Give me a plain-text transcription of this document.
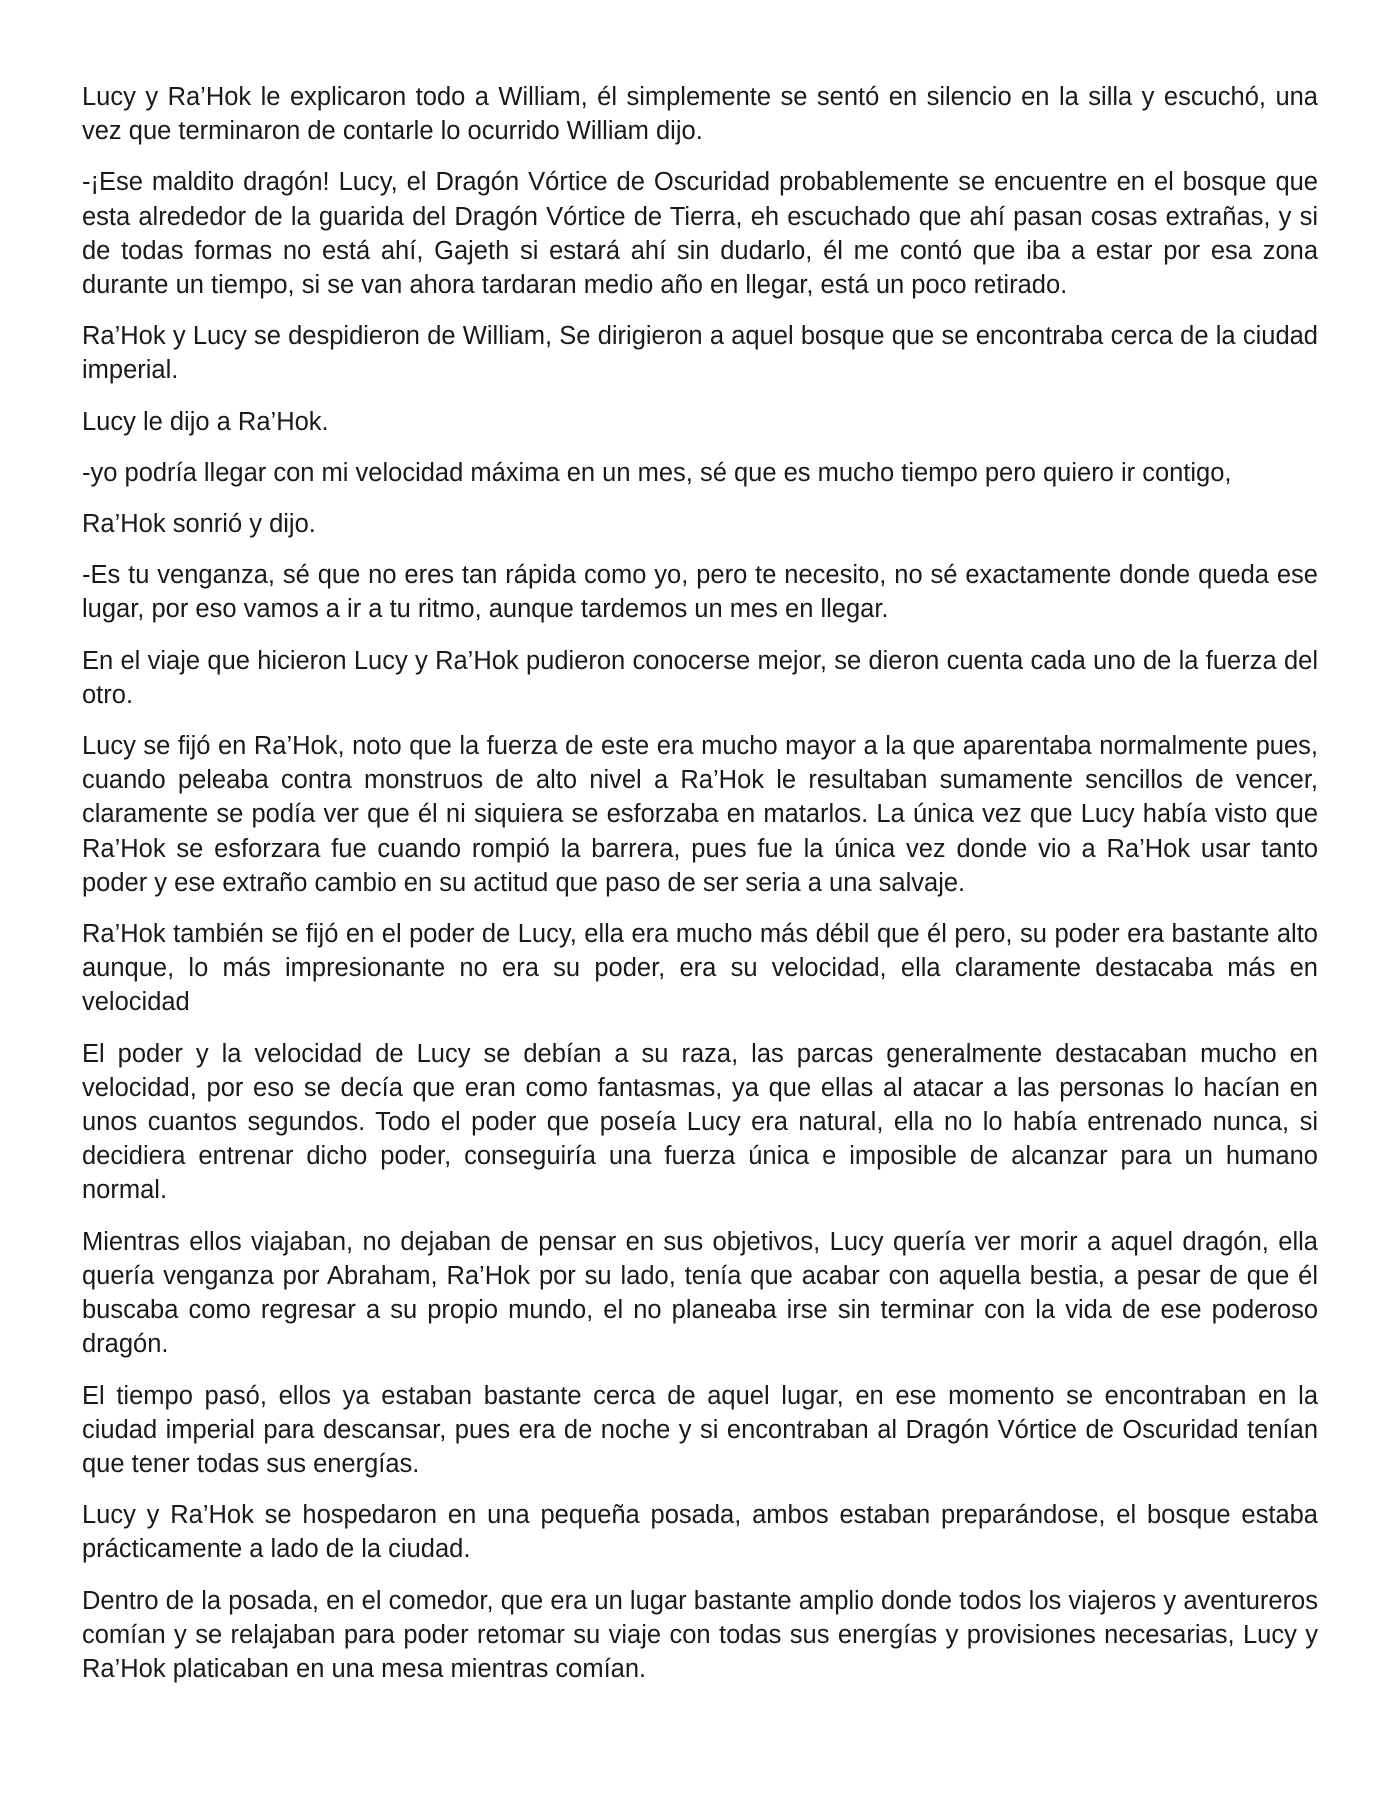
Lucy y Ra’Hok le explicaron todo a William, él simplemente se sentó en silencio en la silla y escuchó, una vez que terminaron de contarle lo ocurrido William dijo.

-¡Ese maldito dragón! Lucy, el Dragón Vórtice de Oscuridad probablemente se encuentre en el bosque que esta alrededor de la guarida del Dragón Vórtice de Tierra, eh escuchado que ahí pasan cosas extrañas, y si de todas formas no está ahí, Gajeth si estará ahí sin dudarlo, él me contó que iba a estar por esa zona durante un tiempo, si se van ahora tardaran medio año en llegar, está un poco retirado.

Ra’Hok y Lucy se despidieron de William, Se dirigieron a aquel bosque que se encontraba cerca de la ciudad imperial.

Lucy le dijo a Ra’Hok.

-yo podría llegar con mi velocidad máxima en un mes, sé que es mucho tiempo pero quiero ir contigo,

Ra’Hok sonrió y dijo.

-Es tu venganza, sé que no eres tan rápida como yo, pero te necesito, no sé exactamente donde queda ese lugar, por eso vamos a ir a tu ritmo, aunque tardemos un mes en llegar.

En el viaje que hicieron Lucy y Ra’Hok pudieron conocerse mejor, se dieron cuenta cada uno de la fuerza del otro.

Lucy se fijó en Ra’Hok, noto que la fuerza de este era mucho mayor a la que aparentaba normalmente pues, cuando peleaba contra monstruos de alto nivel a Ra’Hok le resultaban sumamente sencillos de vencer, claramente se podía ver que él ni siquiera se esforzaba en matarlos. La única vez que Lucy había visto que Ra’Hok se esforzara fue cuando rompió la barrera, pues fue la única vez donde vio a Ra’Hok usar tanto poder y ese extraño cambio en su actitud que paso de ser seria a una salvaje.

Ra’Hok también se fijó en el poder de Lucy, ella era mucho más débil que él pero, su poder era bastante alto aunque, lo más impresionante no era su poder, era su velocidad, ella claramente destacaba más en velocidad

El poder y la velocidad de Lucy se debían a su raza, las parcas generalmente destacaban mucho en velocidad, por eso se decía que eran como fantasmas, ya que ellas al atacar a las personas lo hacían en unos cuantos segundos. Todo el poder que poseía Lucy era natural, ella no lo había entrenado nunca, si decidiera entrenar dicho poder, conseguiría una fuerza única e imposible de alcanzar para un humano normal.

Mientras ellos viajaban, no dejaban de pensar en sus objetivos, Lucy quería ver morir a aquel dragón, ella quería venganza por Abraham, Ra’Hok por su lado, tenía que acabar con aquella bestia, a pesar de que él buscaba como regresar a su propio mundo, el no planeaba irse sin terminar con la vida de ese poderoso dragón.

El tiempo pasó, ellos ya estaban bastante cerca de aquel lugar, en ese momento se encontraban en la ciudad imperial para descansar, pues era de noche y si encontraban al Dragón Vórtice de Oscuridad tenían que tener todas sus energías.

Lucy y Ra’Hok se hospedaron en una pequeña posada, ambos estaban preparándose, el bosque estaba prácticamente a lado de la ciudad.

Dentro de la posada, en el comedor, que era un lugar bastante amplio donde todos los viajeros y aventureros comían y se relajaban para poder retomar su viaje con todas sus energías y provisiones necesarias, Lucy y Ra’Hok platicaban en una mesa mientras comían.
